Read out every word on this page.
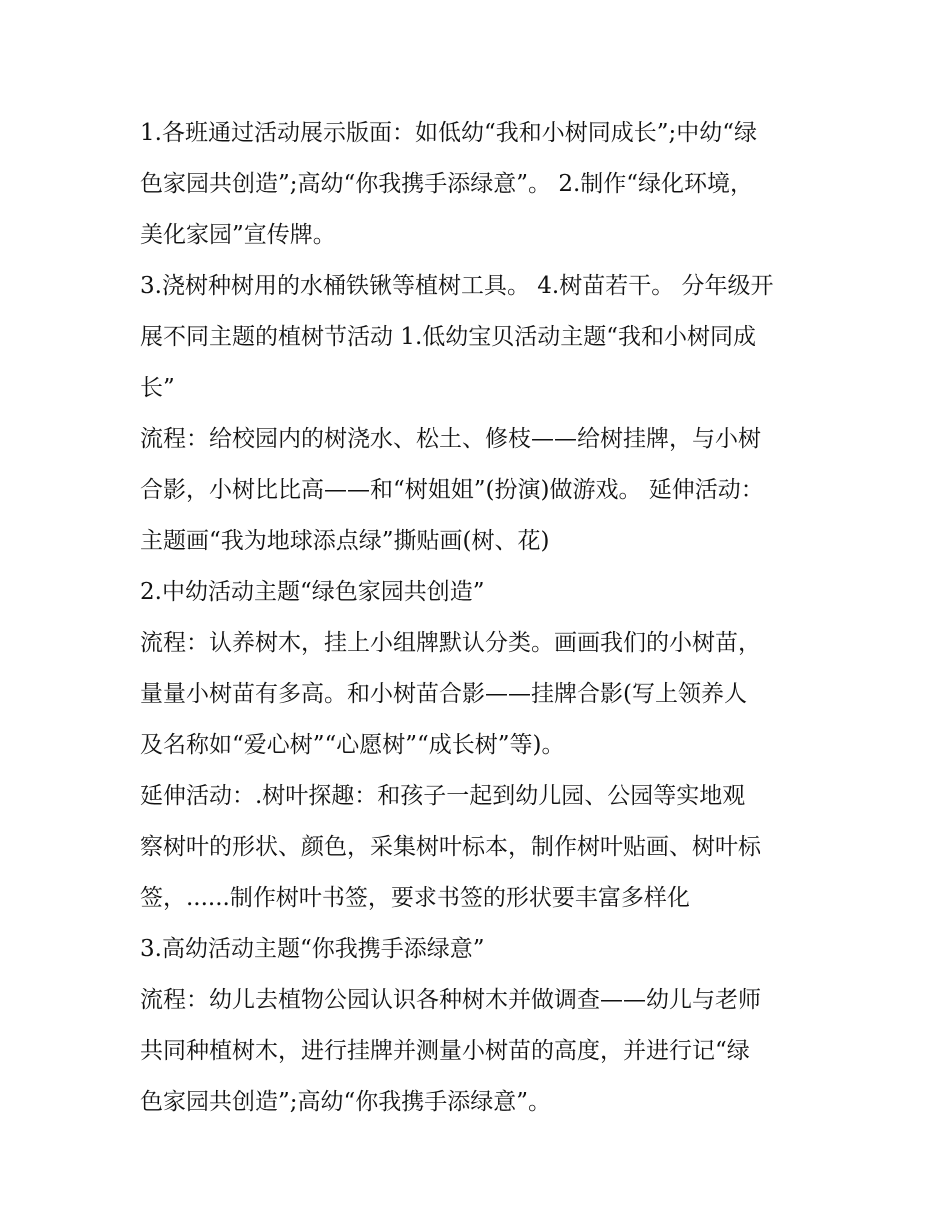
1.各班通过活动展示版面：如低幼“我和小树同成长”;中幼“绿
色家园共创造”;高幼“你我携手添绿意”。 2.制作“绿化环境，
美化家园”宣传牌。
3.浇树种树用的水桶铁锹等植树工具。 4.树苗若干。 分年级开
展不同主题的植树节活动 1.低幼宝贝活动主题“我和小树同成
长”
流程：给校园内的树浇水、松土、修枝——给树挂牌，与小树
合影，小树比比高——和“树姐姐”(扮演)做游戏。 延伸活动：
主题画“我为地球添点绿”撕贴画(树、花)
2.中幼活动主题“绿色家园共创造”
流程：认养树木，挂上小组牌默认分类。画画我们的小树苗，
量量小树苗有多高。和小树苗合影——挂牌合影(写上领养人
及名称如“爱心树”“心愿树”“成长树”等)。
延伸活动：.树叶探趣：和孩子一起到幼儿园、公园等实地观
察树叶的形状、颜色，采集树叶标本，制作树叶贴画、树叶标
签，......制作树叶书签，要求书签的形状要丰富多样化
3.高幼活动主题“你我携手添绿意”
流程：幼儿去植物公园认识各种树木并做调查——幼儿与老师
共同种植树木，进行挂牌并测量小树苗的高度，并进行记“绿
色家园共创造”;高幼“你我携手添绿意”。
